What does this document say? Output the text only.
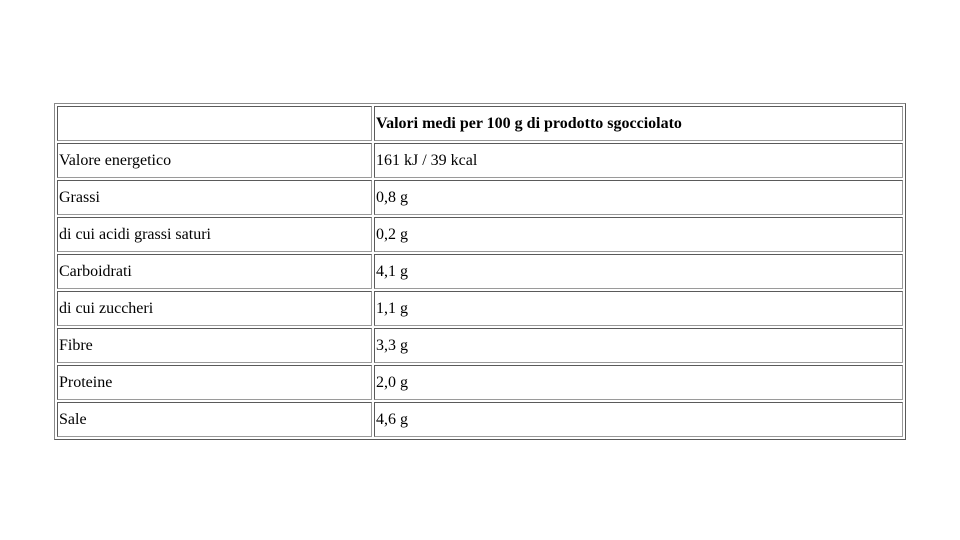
	Valori medi per 100 g di prodotto sgocciolato
Valore energetico	161 kJ / 39 kcal
Grassi	0,8 g
di cui acidi grassi saturi	0,2 g
Carboidrati	4,1 g
di cui zuccheri	1,1 g
Fibre	3,3 g
Proteine	2,0 g
Sale	4,6 g
